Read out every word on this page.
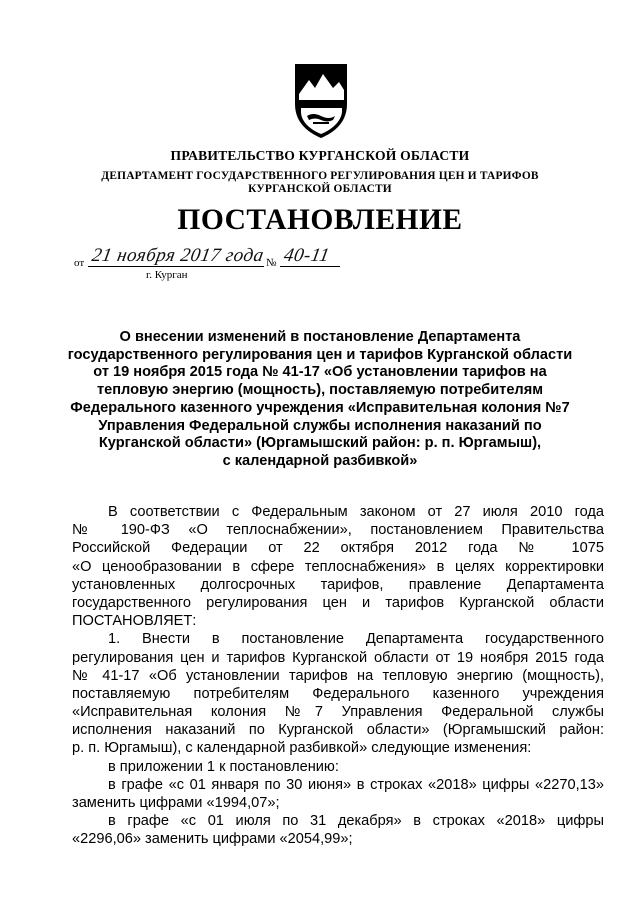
ПРАВИТЕЛЬСТВО КУРГАНСКОЙ ОБЛАСТИ
ДЕПАРТАМЕНТ ГОСУДАРСТВЕННОГО РЕГУЛИРОВАНИЯ ЦЕН И ТАРИФОВ
КУРГАНСКОЙ ОБЛАСТИ
ПОСТАНОВЛЕНИЕ
от 21 ноября 2017 года № 40-11
г. Курган
О внесении изменений в постановление Департамента
государственного регулирования цен и тарифов Курганской области
от 19 ноября 2015 года № 41-17 «Об установлении тарифов на
тепловую энергию (мощность), поставляемую потребителям
Федерального казенного учреждения «Исправительная колония №7
Управления Федеральной службы исполнения наказаний по
Курганской области» (Юргамышский район: р. п. Юргамыш),
с календарной разбивкой»
В соответствии с Федеральным законом от 27 июля 2010 года
№ 190-ФЗ «О теплоснабжении», постановлением Правительства
Российской Федерации от 22 октября 2012 года № 1075
«О ценообразовании в сфере теплоснабжения» в целях корректировки
установленных долгосрочных тарифов, правление Департамента
государственного регулирования цен и тарифов Курганской области
ПОСТАНОВЛЯЕТ:
1. Внести в постановление Департамента государственного
регулирования цен и тарифов Курганской области от 19 ноября 2015 года
№ 41-17 «Об установлении тарифов на тепловую энергию (мощность),
поставляемую потребителям Федерального казенного учреждения
«Исправительная колония №7 Управления Федеральной службы
исполнения наказаний по Курганской области» (Юргамышский район:
р. п. Юргамыш), с календарной разбивкой» следующие изменения:
в приложении 1 к постановлению:
в графе «с 01 января по 30 июня» в строках «2018» цифры «2270,13»
заменить цифрами «1994,07»;
в графе «с 01 июля по 31 декабря» в строках «2018» цифры
«2296,06» заменить цифрами «2054,99»;
